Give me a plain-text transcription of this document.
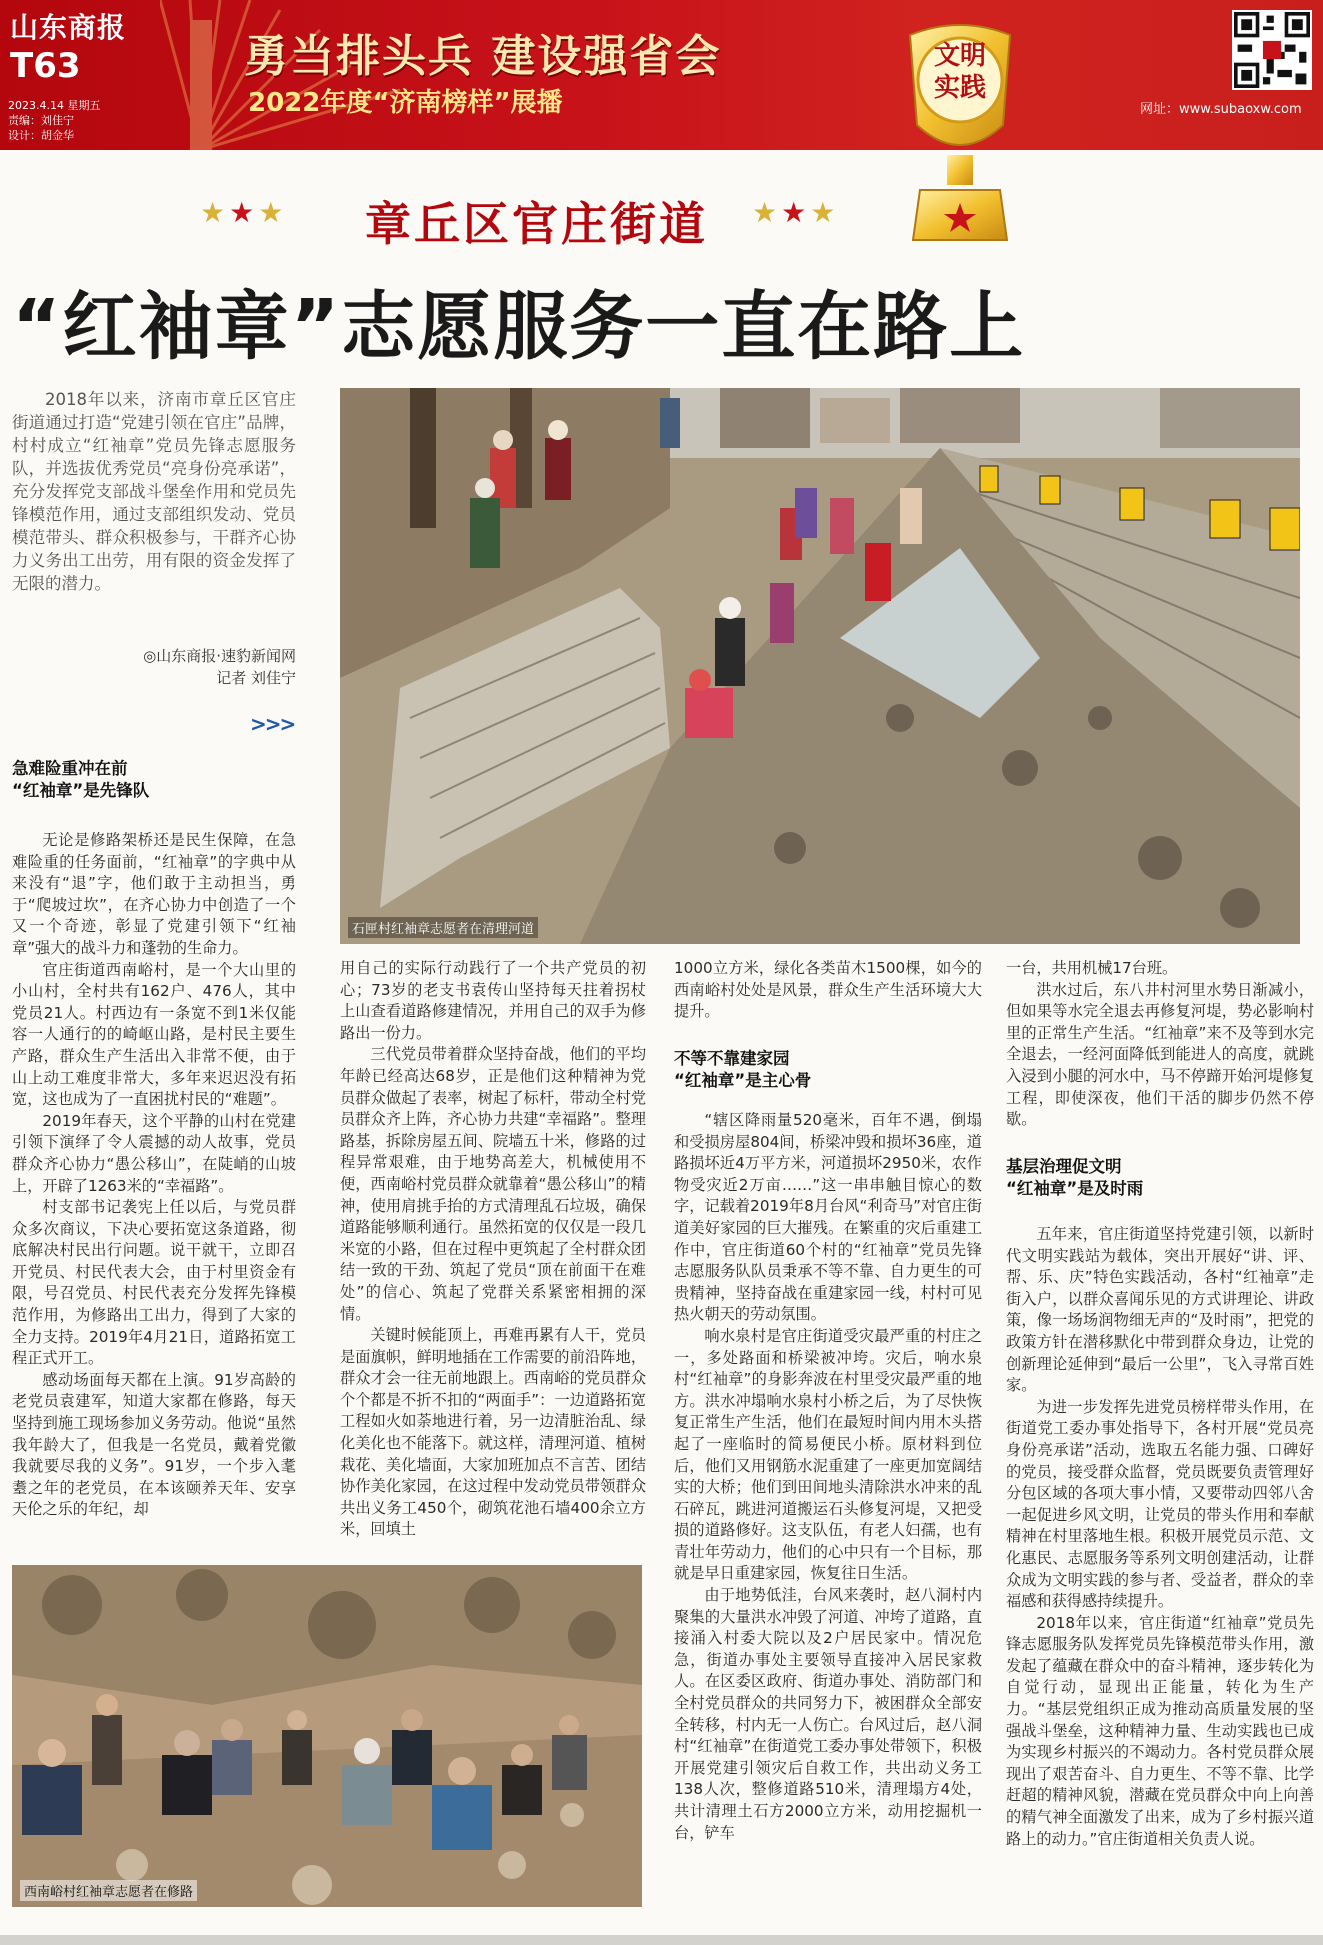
山东商报
T63
2023.4.14 星期五
责编：刘佳宁
设计：胡金华
勇当排头兵 建设强省会
2022年度“济南榜样”展播	网址：www.subaoxw.com
文明
实践
★★★ 章丘区官庄街道 ★★★
“红袖章”志愿服务一直在路上

2018年以来，济南市章丘区官庄街道通过打造“党建引领在官庄”品牌，村村成立“红袖章”党员先锋志愿服务队，并选拔优秀党员“亮身份亮承诺”，充分发挥党支部战斗堡垒作用和党员先锋模范作用，通过支部组织发动、党员模范带头、群众积极参与，干群齐心协力义务出工出劳，用有限的资金发挥了无限的潜力。

◎山东商报·速豹新闻网
记者 刘佳宁
>>>
急难险重冲在前
“红袖章”是先锋队

无论是修路架桥还是民生保障，在急难险重的任务面前，“红袖章”的字典中从来没有“退”字，他们敢于主动担当，勇于“爬坡过坎”，在齐心协力中创造了一个又一个奇迹，彰显了党建引领下“红袖章”强大的战斗力和蓬勃的生命力。

官庄街道西南峪村，是一个大山里的小山村，全村共有162户、476人，其中党员21人。村西边有一条宽不到1米仅能容一人通行的的崎岖山路，是村民主要生产路，群众生产生活出入非常不便，由于山上动工难度非常大，多年来迟迟没有拓宽，这也成为了一直困扰村民的“难题”。

2019年春天，这个平静的山村在党建引领下演绎了令人震撼的动人故事，党员群众齐心协力“愚公移山”，在陡峭的山坡上，开辟了1263米的“幸福路”。

村支部书记袭宪上任以后，与党员群众多次商议，下决心要拓宽这条道路，彻底解决村民出行问题。说干就干，立即召开党员、村民代表大会，由于村里资金有限，号召党员、村民代表充分发挥先锋模范作用，为修路出工出力，得到了大家的全力支持。2019年4月21日，道路拓宽工程正式开工。

感动场面每天都在上演。91岁高龄的老党员袁建军，知道大家都在修路，每天坚持到施工现场参加义务劳动。他说“虽然我年龄大了，但我是一名党员，戴着党徽我就要尽我的义务”。91岁，一个步入耄耋之年的老党员，在本该颐养天年、安享天伦之乐的年纪，却

石匣村红袖章志愿者在清理河道

用自己的实际行动践行了一个共产党员的初心；73岁的老支书袁传山坚持每天拄着拐杖上山查看道路修建情况，并用自己的双手为修路出一份力。

三代党员带着群众坚持奋战，他们的平均年龄已经高达68岁，正是他们这种精神为党员群众做起了表率，树起了标杆，带动全村党员群众齐上阵，齐心协力共建“幸福路”。整理路基，拆除房屋五间、院墙五十米，修路的过程异常艰难，由于地势高差大，机械使用不便，西南峪村党员群众就靠着“愚公移山”的精神，使用肩挑手抬的方式清理乱石垃圾，确保道路能够顺利通行。虽然拓宽的仅仅是一段几米宽的小路，但在过程中更筑起了全村群众团结一致的干劲、筑起了党员“顶在前面干在难处”的信心、筑起了党群关系紧密相拥的深情。

关键时候能顶上，再难再累有人干，党员是面旗帜，鲜明地插在工作需要的前沿阵地，群众才会一往无前地跟上。西南峪的党员群众个个都是不折不扣的“两面手”：一边道路拓宽工程如火如荼地进行着，另一边清脏治乱、绿化美化也不能落下。就这样，清理河道、植树栽花、美化墙面，大家加班加点不言苦、团结协作美化家园，在这过程中发动党员带领群众共出义务工450个，砌筑花池石墙400余立方米，回填土

1000立方米，绿化各类苗木1500棵，如今的西南峪村处处是风景，群众生产生活环境大大提升。

不等不靠建家园
“红袖章”是主心骨

“辖区降雨量520毫米，百年不遇，倒塌和受损房屋804间，桥梁冲毁和损坏36座，道路损坏近4万平方米，河道损坏2950米，农作物受灾近2万亩……”这一串串触目惊心的数字，记载着2019年8月台风“利奇马”对官庄街道美好家园的巨大摧残。在繁重的灾后重建工作中，官庄街道60个村的“红袖章”党员先锋志愿服务队队员秉承不等不靠、自力更生的可贵精神，坚持奋战在重建家园一线，村村可见热火朝天的劳动氛围。

响水泉村是官庄街道受灾最严重的村庄之一，多处路面和桥梁被冲垮。灾后，响水泉村“红袖章”的身影奔波在村里受灾最严重的地方。洪水冲塌响水泉村小桥之后，为了尽快恢复正常生产生活，他们在最短时间内用木头搭起了一座临时的简易便民小桥。原材料到位后，他们又用钢筋水泥重建了一座更加宽阔结实的大桥；他们到田间地头清除洪水冲来的乱石碎瓦，跳进河道搬运石头修复河堤，又把受损的道路修好。这支队伍，有老人妇孺，也有青壮年劳动力，他们的心中只有一个目标，那就是早日重建家园，恢复往日生活。

由于地势低洼，台风来袭时，赵八洞村内聚集的大量洪水冲毁了河道、冲垮了道路，直接涌入村委大院以及2户居民家中。情况危急，街道办事处主要领导直接冲入居民家救人。在区委区政府、街道办事处、消防部门和全村党员群众的共同努力下，被困群众全部安全转移，村内无一人伤亡。台风过后，赵八洞村“红袖章”在街道党工委办事处带领下，积极开展党建引领灾后自救工作，共出动义务工138人次，整修道路510米，清理塌方4处，共计清理土石方2000立方米，动用挖掘机一台，铲车

一台，共用机械17台班。

洪水过后，东八井村河里水势日渐减小，但如果等水完全退去再修复河堤，势必影响村里的正常生产生活。“红袖章”来不及等到水完全退去，一经河面降低到能进人的高度，就跳入浸到小腿的河水中，马不停蹄开始河堤修复工程，即使深夜，他们干活的脚步仍然不停歇。

基层治理促文明
“红袖章”是及时雨

五年来，官庄街道坚持党建引领，以新时代文明实践站为载体，突出开展好“讲、评、帮、乐、庆”特色实践活动，各村“红袖章”走街入户，以群众喜闻乐见的方式讲理论、讲政策，像一场场润物细无声的“及时雨”，把党的政策方针在潜移默化中带到群众身边，让党的创新理论延伸到“最后一公里”，飞入寻常百姓家。

为进一步发挥先进党员榜样带头作用，在街道党工委办事处指导下，各村开展“党员亮身份亮承诺”活动，选取五名能力强、口碑好的党员，接受群众监督，党员既要负责管理好分包区域的各项大事小情，又要带动四邻八舍一起促进乡风文明，让党员的带头作用和奉献精神在村里落地生根。积极开展党员示范、文化惠民、志愿服务等系列文明创建活动，让群众成为文明实践的参与者、受益者，群众的幸福感和获得感持续提升。

2018年以来，官庄街道“红袖章”党员先锋志愿服务队发挥党员先锋模范带头作用，激发起了蕴藏在群众中的奋斗精神，逐步转化为自觉行动，显现出正能量，转化为生产力。“基层党组织正成为推动高质量发展的坚强战斗堡垒，这种精神力量、生动实践也已成为实现乡村振兴的不竭动力。各村党员群众展现出了艰苦奋斗、自力更生、不等不靠、比学赶超的精神风貌，潜藏在党员群众中向上向善的精气神全面激发了出来，成为了乡村振兴道路上的动力。”官庄街道相关负责人说。

西南峪村红袖章志愿者在修路
